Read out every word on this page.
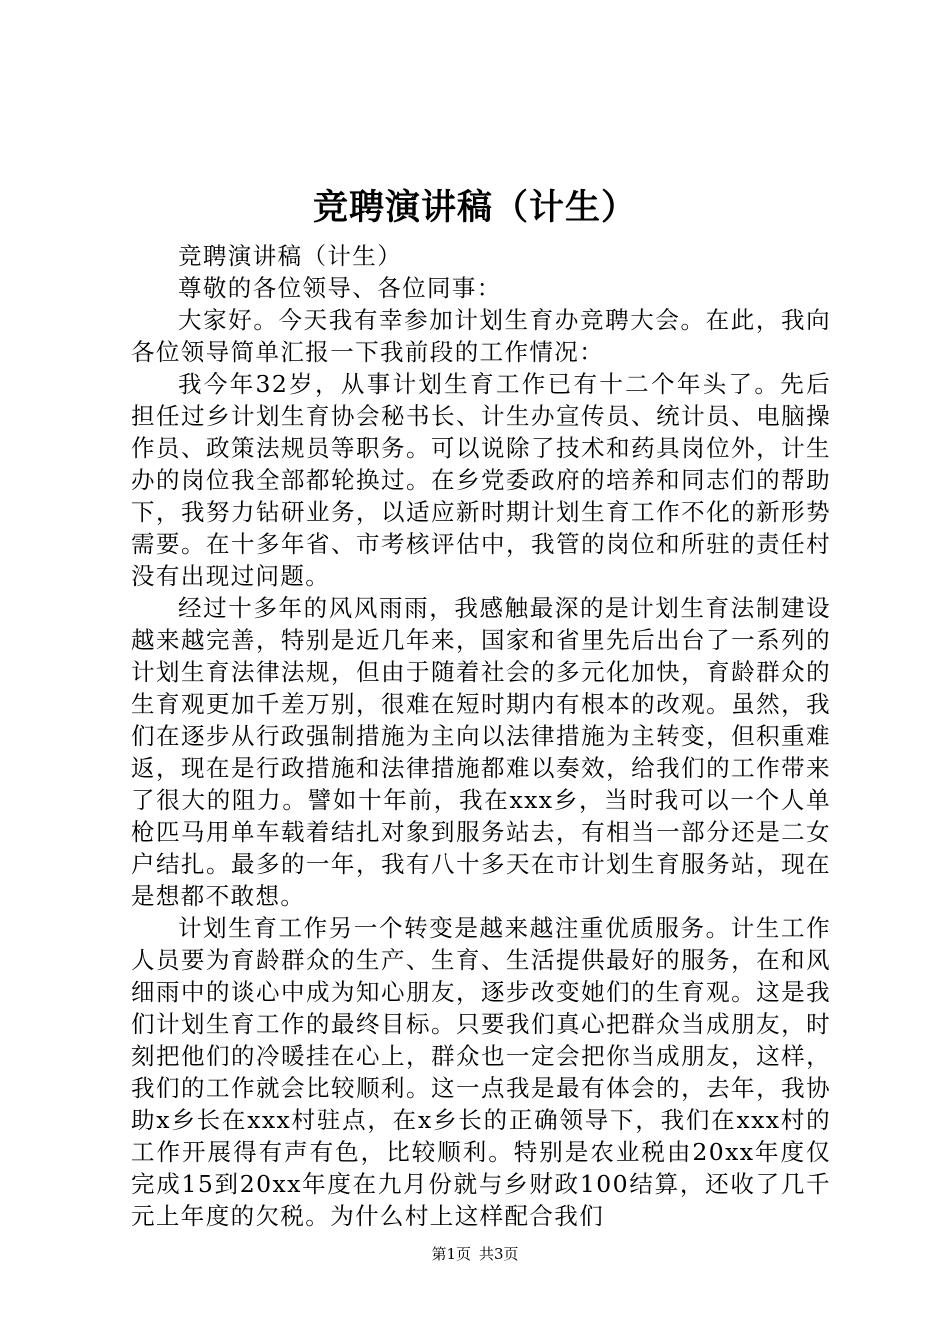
竞聘演讲稿（计生）

竞聘演讲稿（计生）

尊敬的各位领导、各位同事：

大家好。今天我有幸参加计划生育办竞聘大会。在此，我向各位领导简单汇报一下我前段的工作情况：

我今年32岁，从事计划生育工作已有十二个年头了。先后担任过乡计划生育协会秘书长、计生办宣传员、统计员、电脑操作员、政策法规员等职务。可以说除了技术和药具岗位外，计生办的岗位我全部都轮换过。在乡党委政府的培养和同志们的帮助下，我努力钻研业务，以适应新时期计划生育工作不化的新形势需要。在十多年省、市考核评估中，我管的岗位和所驻的责任村没有出现过问题。

经过十多年的风风雨雨，我感触最深的是计划生育法制建设越来越完善，特别是近几年来，国家和省里先后出台了一系列的计划生育法律法规，但由于随着社会的多元化加快，育龄群众的生育观更加千差万别，很难在短时期内有根本的改观。虽然，我们在逐步从行政强制措施为主向以法律措施为主转变，但积重难返，现在是行政措施和法律措施都难以奏效，给我们的工作带来了很大的阻力。譬如十年前，我在xxx乡，当时我可以一个人单枪匹马用单车载着结扎对象到服务站去，有相当一部分还是二女户结扎。最多的一年，我有八十多天在市计划生育服务站，现在是想都不敢想。

计划生育工作另一个转变是越来越注重优质服务。计生工作人员要为育龄群众的生产、生育、生活提供最好的服务，在和风细雨中的谈心中成为知心朋友，逐步改变她们的生育观。这是我们计划生育工作的最终目标。只要我们真心把群众当成朋友，时刻把他们的冷暖挂在心上，群众也一定会把你当成朋友，这样，我们的工作就会比较顺利。这一点我是最有体会的，去年，我协助x乡长在xxx村驻点，在x乡长的正确领导下，我们在xxx村的工作开展得有声有色，比较顺利。特别是农业税由20xx年度仅完成15到20xx年度在九月份就与乡财政100结算，还收了几千元上年度的欠税。为什么村上这样配合我们

第1页 共3页
